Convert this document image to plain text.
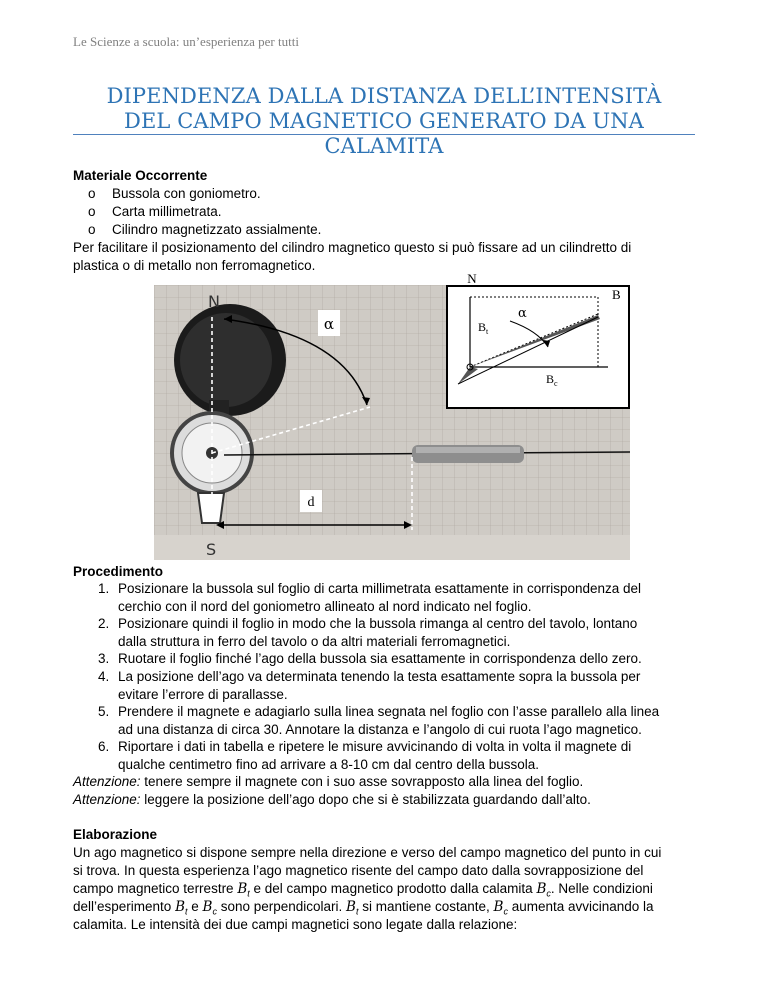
Le Scienze a scuola: un’esperienza per tutti
DIPENDENZA DALLA DISTANZA DELL’INTENSITÀ
DEL CAMPO MAGNETICO GENERATO DA UNA CALAMITA
Materiale Occorrente
o Bussola con goniometro.
o Carta millimetrata.
o Cilindro magnetizzato assialmente.
Per facilitare il posizionamento del cilindro magnetico questo si può fissare ad un cilindretto di
plastica o di metallo non ferromagnetico.
d
α
N
S
N
B
α
$B_t$
$B_c$
Procedimento
1. Posizionare la bussola sul foglio di carta millimetrata esattamente in corrispondenza del
cerchio con il nord del goniometro allineato al nord indicato nel foglio.
2. Posizionare quindi il foglio in modo che la bussola rimanga al centro del tavolo, lontano
dalla struttura in ferro del tavolo o da altri materiali ferromagnetici.
3. Ruotare il foglio finché l’ago della bussola sia esattamente in corrispondenza dello zero.
4. La posizione dell’ago va determinata tenendo la testa esattamente sopra la bussola per
evitare l’errore di parallasse.
5. Prendere il magnete e adagiarlo sulla linea segnata nel foglio con l’asse parallelo alla linea
ad una distanza di circa 30. Annotare la distanza e l’angolo di cui ruota l’ago magnetico.
6. Riportare i dati in tabella e ripetere le misure avvicinando di volta in volta il magnete di
qualche centimetro fino ad arrivare a 8-10 cm dal centro della bussola.
Attenzione: tenere sempre il magnete con i suo asse sovrapposto alla linea del foglio.
Attenzione: leggere la posizione dell’ago dopo che si è stabilizzata guardando dall’alto.
Elaborazione
Un ago magnetico si dispone sempre nella direzione e verso del campo magnetico del punto in cui
si trova. In questa esperienza l’ago magnetico risente del campo dato dalla sovrapposizione del
campo magnetico terrestre $B_t$ e del campo magnetico prodotto dalla calamita $B_c$. Nelle condizioni
dell’esperimento $B_t$ e $B_c$ sono perpendicolari. $B_t$ si mantiene costante, $B_c$ aumenta avvicinando la
calamita. Le intensità dei due campi magnetici sono legate dalla relazione:
